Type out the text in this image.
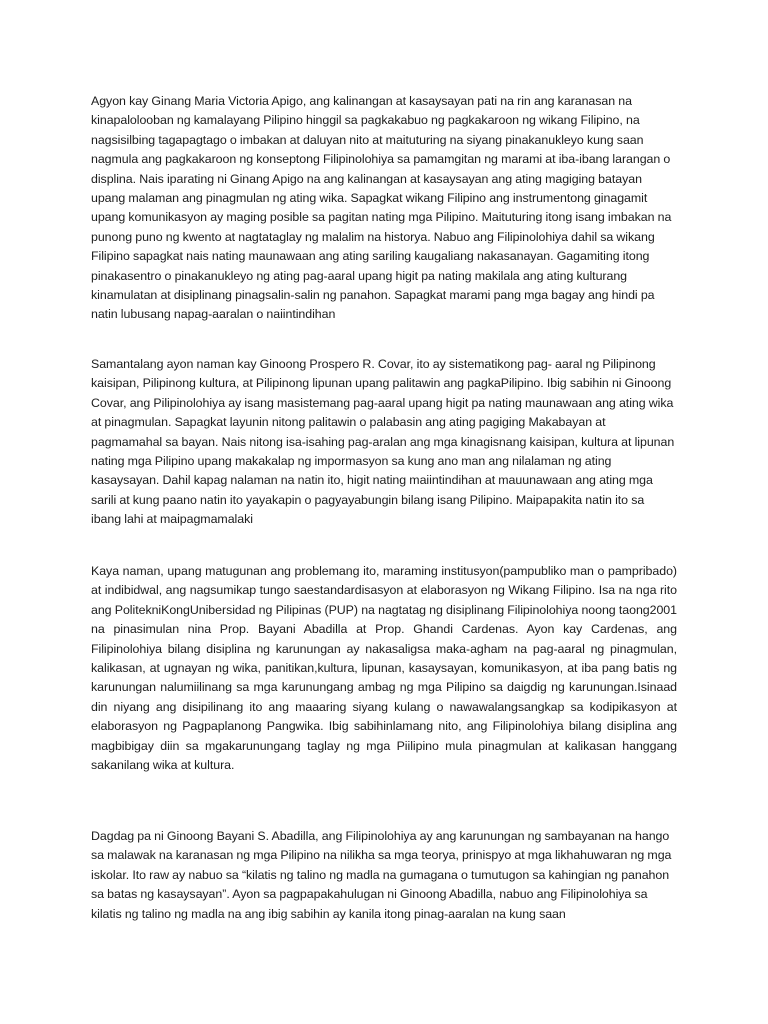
Agyon kay Ginang Maria Victoria Apigo, ang kalinangan at kasaysayan pati na rin ang karanasan na kinapalolooban ng kamalayang Pilipino hinggil sa pagkakabuo ng pagkakaroon ng wikang Filipino, na nagsisilbing tagapagtago o imbakan at daluyan nito at maituturing na siyang pinakanukleyo kung saan nagmula ang pagkakaroon ng konseptong Filipinolohiya sa pamamgitan ng marami at iba-ibang larangan o displina. Nais iparating ni Ginang Apigo na ang kalinangan at kasaysayan ang ating magiging batayan upang malaman ang pinagmulan ng ating wika. Sapagkat wikang Filipino ang instrumentong ginagamit upang komunikasyon ay maging posible sa pagitan nating mga Pilipino. Maituturing itong isang imbakan na punong puno ng kwento at nagtataglay ng malalim na historya. Nabuo ang Filipinolohiya dahil sa wikang Filipino sapagkat nais nating maunawaan ang ating sariling kaugaliang nakasanayan. Gagamiting itong pinakasentro o pinakanukleyo ng ating pag-aaral upang higit pa nating makilala ang ating kulturang kinamulatan at disiplinang pinagsalin-salin ng panahon. Sapagkat marami pang mga bagay ang hindi pa natin lubusang napag-aaralan o naiintindihan

Samantalang ayon naman kay Ginoong Prospero R. Covar, ito ay sistematikong pag- aaral ng Pilipinong kaisipan, Pilipinong kultura, at Pilipinong lipunan upang palitawin ang pagkaPilipino. Ibig sabihin ni Ginoong Covar, ang Pilipinolohiya ay isang masistemang pag-aaral upang higit pa nating maunawaan ang ating wika at pinagmulan. Sapagkat layunin nitong palitawin o palabasin ang ating pagiging Makabayan at pagmamahal sa bayan. Nais nitong isa-isahing pag-aralan ang mga kinagisnang kaisipan, kultura at lipunan nating mga Pilipino upang makakalap ng impormasyon sa kung ano man ang nilalaman ng ating kasaysayan. Dahil kapag nalaman na natin ito, higit nating maiintindihan at mauunawaan ang ating mga sarili at kung paano natin ito yayakapin o pagyayabungin bilang isang Pilipino. Maipapakita natin ito sa ibang lahi at maipagmamalaki

Kaya naman, upang matugunan ang problemang ito, maraming institusyon(pampubliko man o pampribado) at indibidwal, ang nagsumikap tungo saestandardisasyon at elaborasyon ng Wikang Filipino. Isa na nga rito ang PolitekniKongUnibersidad ng Pilipinas (PUP) na nagtatag ng disiplinang Filipinolohiya noong taong2001 na pinasimulan nina Prop. Bayani Abadilla at Prop. Ghandi Cardenas. Ayon kay Cardenas, ang Filipinolohiya bilang disiplina ng karunungan ay nakasaligsa maka-agham na pag-aaral ng pinagmulan, kalikasan, at ugnayan ng wika, panitikan,kultura, lipunan, kasaysayan, komunikasyon, at iba pang batis ng karunungan nalumiilinang sa mga karunungang ambag ng mga Pilipino sa daigdig ng karunungan.Isinaad din niyang ang disipilinang ito ang maaaring siyang kulang o nawawalangsangkap sa kodipikasyon at elaborasyon ng Pagpaplanong Pangwika. Ibig sabihinlamang nito, ang Filipinolohiya bilang disiplina ang magbibigay diin sa mgakarunungang taglay ng mga Piilipino mula pinagmulan at kalikasan hanggang sakanilang wika at kultura.

Dagdag pa ni Ginoong Bayani S. Abadilla, ang Filipinolohiya ay ang karunungan ng sambayanan na hango sa malawak na karanasan ng mga Pilipino na nilikha sa mga teorya, prinispyo at mga likhahuwaran ng mga iskolar. Ito raw ay nabuo sa “kilatis ng talino ng madla na gumagana o tumutugon sa kahingian ng panahon sa batas ng kasaysayan”. Ayon sa pagpapakahulugan ni Ginoong Abadilla, nabuo ang Filipinolohiya sa kilatis ng talino ng madla na ang ibig sabihin ay kanila itong pinag-aaralan na kung saan
